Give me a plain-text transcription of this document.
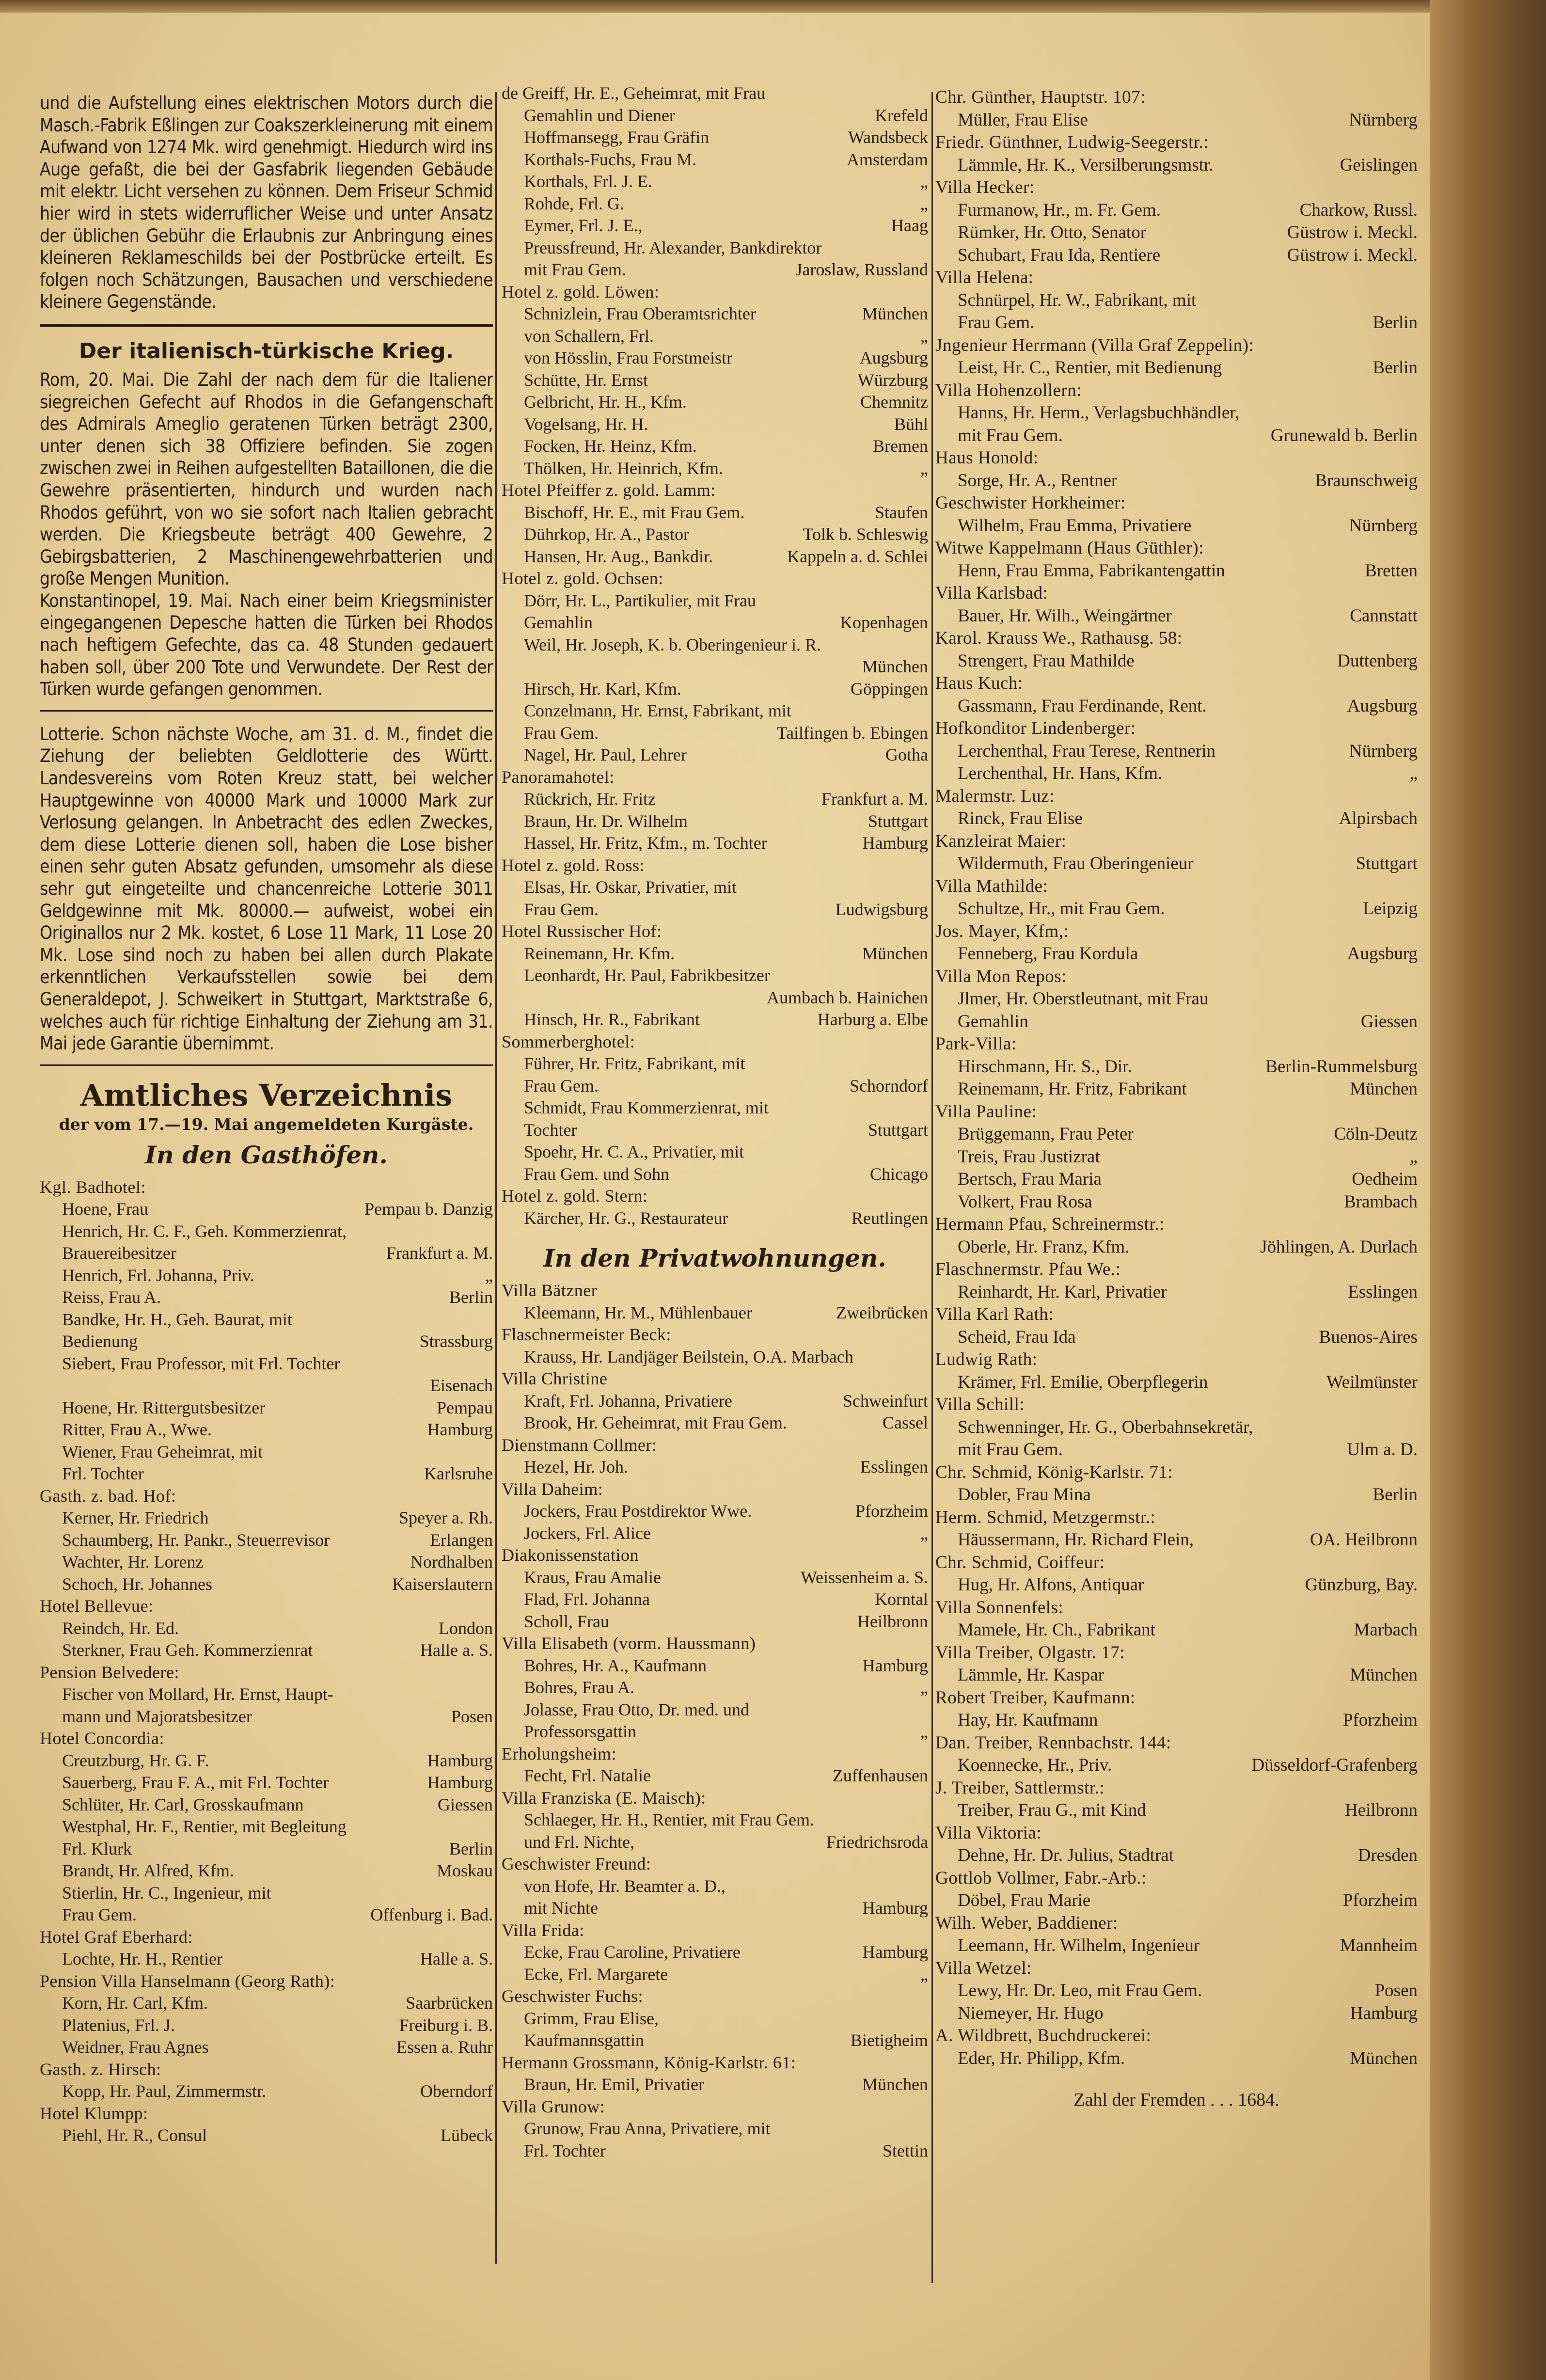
und die Aufstellung eines elektrischen Motors durch die Masch.-Fabrik Eßlingen zur Coakszerkleinerung mit einem Aufwand von 1274 Mk. wird genehmigt. Hiedurch wird ins Auge gefaßt, die bei der Gasfabrik liegenden Gebäude mit elektr. Licht versehen zu können. Dem Friseur Schmid hier wird in stets widerruflicher Weise und unter Ansatz der üblichen Gebühr die Erlaubnis zur Anbringung eines kleineren Reklameschilds bei der Postbrücke erteilt. Es folgen noch Schätzungen, Bausachen und verschiedene kleinere Gegenstände.

Der italienisch-türkische Krieg.

Rom, 20. Mai. Die Zahl der nach dem für die Italiener siegreichen Gefecht auf Rhodos in die Gefangenschaft des Admirals Ameglio geratenen Türken beträgt 2300, unter denen sich 38 Offiziere befinden. Sie zogen zwischen zwei in Reihen aufgestellten Bataillonen, die die Gewehre präsentierten, hindurch und wurden nach Rhodos geführt, von wo sie sofort nach Italien gebracht werden. Die Kriegsbeute beträgt 400 Gewehre, 2 Gebirgsbatterien, 2 Maschinengewehrbatterien und große Mengen Munition.

Konstantinopel, 19. Mai. Nach einer beim Kriegsminister eingegangenen Depesche hatten die Türken bei Rhodos nach heftigem Gefechte, das ca. 48 Stunden gedauert haben soll, über 200 Tote und Verwundete. Der Rest der Türken wurde gefangen genommen.

Lotterie. Schon nächste Woche, am 31. d. M., findet die Ziehung der beliebten Geldlotterie des Württ. Landesvereins vom Roten Kreuz statt, bei welcher Hauptgewinne von 40000 Mark und 10000 Mark zur Verlosung gelangen. In Anbetracht des edlen Zweckes, dem diese Lotterie dienen soll, haben die Lose bisher einen sehr guten Absatz gefunden, umsomehr als diese sehr gut eingeteilte und chancenreiche Lotterie 3011 Geldgewinne mit Mk. 80000.— aufweist, wobei ein Originallos nur 2 Mk. kostet, 6 Lose 11 Mark, 11 Lose 20 Mk. Lose sind noch zu haben bei allen durch Plakate erkenntlichen Verkaufsstellen sowie bei dem Generaldepot, J. Schweikert in Stuttgart, Marktstraße 6, welches auch für richtige Einhaltung der Ziehung am 31. Mai jede Garantie übernimmt.

Amtliches Verzeichnis
der vom 17.—19. Mai angemeldeten Kurgäste.
In den Gasthöfen.
Kgl. Badhotel:
Hoene, Frau	Pempau b. Danzig
Henrich, Hr. C. F., Geh. Kommerzienrat,
Brauereibesitzer	Frankfurt a. M.
Henrich, Frl. Johanna, Priv.	„
Reiss, Frau A.	Berlin
Bandke, Hr. H., Geh. Baurat, mit
Bedienung	Strassburg
Siebert, Frau Professor, mit Frl. Tochter
Eisenach
Hoene, Hr. Rittergutsbesitzer	Pempau
Ritter, Frau A., Wwe.	Hamburg
Wiener, Frau Geheimrat, mit
Frl. Tochter	Karlsruhe
Gasth. z. bad. Hof:
Kerner, Hr. Friedrich	Speyer a. Rh.
Schaumberg, Hr. Pankr., Steuerrevisor	Erlangen
Wachter, Hr. Lorenz	Nordhalben
Schoch, Hr. Johannes	Kaiserslautern
Hotel Bellevue:
Reindch, Hr. Ed.	London
Sterkner, Frau Geh. Kommerzienrat	Halle a. S.
Pension Belvedere:
Fischer von Mollard, Hr. Ernst, Haupt-
mann und Majoratsbesitzer	Posen
Hotel Concordia:
Creutzburg, Hr. G. F.	Hamburg
Sauerberg, Frau F. A., mit Frl. Tochter	Hamburg
Schlüter, Hr. Carl, Grosskaufmann	Giessen
Westphal, Hr. F., Rentier, mit Begleitung
Frl. Klurk	Berlin
Brandt, Hr. Alfred, Kfm.	Moskau
Stierlin, Hr. C., Ingenieur, mit
Frau Gem.	Offenburg i. Bad.
Hotel Graf Eberhard:
Lochte, Hr. H., Rentier	Halle a. S.
Pension Villa Hanselmann (Georg Rath):
Korn, Hr. Carl, Kfm.	Saarbrücken
Platenius, Frl. J.	Freiburg i. B.
Weidner, Frau Agnes	Essen a. Ruhr
Gasth. z. Hirsch:
Kopp, Hr. Paul, Zimmermstr.	Oberndorf
Hotel Klumpp:
Piehl, Hr. R., Consul	Lübeck
de Greiff, Hr. E., Geheimrat, mit Frau
Gemahlin und Diener	Krefeld
Hoffmansegg, Frau Gräfin	Wandsbeck
Korthals-Fuchs, Frau M.	Amsterdam
Korthals, Frl. J. E.	„
Rohde, Frl. G.	„
Eymer, Frl. J. E.,	Haag
Preussfreund, Hr. Alexander, Bankdirektor
mit Frau Gem.	Jaroslaw, Russland
Hotel z. gold. Löwen:
Schnizlein, Frau Oberamtsrichter	München
von Schallern, Frl.	„
von Hösslin, Frau Forstmeistr	Augsburg
Schütte, Hr. Ernst	Würzburg
Gelbricht, Hr. H., Kfm.	Chemnitz
Vogelsang, Hr. H.	Bühl
Focken, Hr. Heinz, Kfm.	Bremen
Thölken, Hr. Heinrich, Kfm.	„
Hotel Pfeiffer z. gold. Lamm:
Bischoff, Hr. E., mit Frau Gem.	Staufen
Dührkop, Hr. A., Pastor	Tolk b. Schleswig
Hansen, Hr. Aug., Bankdir.	Kappeln a. d. Schlei
Hotel z. gold. Ochsen:
Dörr, Hr. L., Partikulier, mit Frau
Gemahlin	Kopenhagen
Weil, Hr. Joseph, K. b. Oberingenieur i. R.
München
Hirsch, Hr. Karl, Kfm.	Göppingen
Conzelmann, Hr. Ernst, Fabrikant, mit
Frau Gem.	Tailfingen b. Ebingen
Nagel, Hr. Paul, Lehrer	Gotha
Panoramahotel:
Rückrich, Hr. Fritz	Frankfurt a. M.
Braun, Hr. Dr. Wilhelm	Stuttgart
Hassel, Hr. Fritz, Kfm., m. Tochter	Hamburg
Hotel z. gold. Ross:
Elsas, Hr. Oskar, Privatier, mit
Frau Gem.	Ludwigsburg
Hotel Russischer Hof:
Reinemann, Hr. Kfm.	München
Leonhardt, Hr. Paul, Fabrikbesitzer
Aumbach b. Hainichen
Hinsch, Hr. R., Fabrikant	Harburg a. Elbe
Sommerberghotel:
Führer, Hr. Fritz, Fabrikant, mit
Frau Gem.	Schorndorf
Schmidt, Frau Kommerzienrat, mit
Tochter	Stuttgart
Spoehr, Hr. C. A., Privatier, mit
Frau Gem. und Sohn	Chicago
Hotel z. gold. Stern:
Kärcher, Hr. G., Restaurateur	Reutlingen
In den Privatwohnungen.
Villa Bätzner
Kleemann, Hr. M., Mühlenbauer	Zweibrücken
Flaschnermeister Beck:
Krauss, Hr. Landjäger Beilstein, O.A. Marbach
Villa Christine
Kraft, Frl. Johanna, Privatiere	Schweinfurt
Brook, Hr. Geheimrat, mit Frau Gem.	Cassel
Dienstmann Collmer:
Hezel, Hr. Joh.	Esslingen
Villa Daheim:
Jockers, Frau Postdirektor Wwe.	Pforzheim
Jockers, Frl. Alice	„
Diakonissenstation
Kraus, Frau Amalie	Weissenheim a. S.
Flad, Frl. Johanna	Korntal
Scholl, Frau	Heilbronn
Villa Elisabeth (vorm. Haussmann)
Bohres, Hr. A., Kaufmann	Hamburg
Bohres, Frau A.	„
Jolasse, Frau Otto, Dr. med. und
Professorsgattin	„
Erholungsheim:
Fecht, Frl. Natalie	Zuffenhausen
Villa Franziska (E. Maisch):
Schlaeger, Hr. H., Rentier, mit Frau Gem.
und Frl. Nichte,	Friedrichsroda
Geschwister Freund:
von Hofe, Hr. Beamter a. D.,
mit Nichte	Hamburg
Villa Frida:
Ecke, Frau Caroline, Privatiere	Hamburg
Ecke, Frl. Margarete	„
Geschwister Fuchs:
Grimm, Frau Elise,
Kaufmannsgattin	Bietigheim
Hermann Grossmann, König-Karlstr. 61:
Braun, Hr. Emil, Privatier	München
Villa Grunow:
Grunow, Frau Anna, Privatiere, mit
Frl. Tochter	Stettin
Chr. Günther, Hauptstr. 107:
Müller, Frau Elise	Nürnberg
Friedr. Günthner, Ludwig-Seegerstr.:
Lämmle, Hr. K., Versilberungsmstr.	Geislingen
Villa Hecker:
Furmanow, Hr., m. Fr. Gem.	Charkow, Russl.
Rümker, Hr. Otto, Senator	Güstrow i. Meckl.
Schubart, Frau Ida, Rentiere	Güstrow i. Meckl.
Villa Helena:
Schnürpel, Hr. W., Fabrikant, mit
Frau Gem.	Berlin
Jngenieur Herrmann (Villa Graf Zeppelin):
Leist, Hr. C., Rentier, mit Bedienung	Berlin
Villa Hohenzollern:
Hanns, Hr. Herm., Verlagsbuchhändler,
mit Frau Gem.	Grunewald b. Berlin
Haus Honold:
Sorge, Hr. A., Rentner	Braunschweig
Geschwister Horkheimer:
Wilhelm, Frau Emma, Privatiere	Nürnberg
Witwe Kappelmann (Haus Güthler):
Henn, Frau Emma, Fabrikantengattin	Bretten
Villa Karlsbad:
Bauer, Hr. Wilh., Weingärtner	Cannstatt
Karol. Krauss We., Rathausg. 58:
Strengert, Frau Mathilde	Duttenberg
Haus Kuch:
Gassmann, Frau Ferdinande, Rent.	Augsburg
Hofkonditor Lindenberger:
Lerchenthal, Frau Terese, Rentnerin	Nürnberg
Lerchenthal, Hr. Hans, Kfm.	„
Malermstr. Luz:
Rinck, Frau Elise	Alpirsbach
Kanzleirat Maier:
Wildermuth, Frau Oberingenieur	Stuttgart
Villa Mathilde:
Schultze, Hr., mit Frau Gem.	Leipzig
Jos. Mayer, Kfm,:
Fenneberg, Frau Kordula	Augsburg
Villa Mon Repos:
Jlmer, Hr. Oberstleutnant, mit Frau
Gemahlin	Giessen
Park-Villa:
Hirschmann, Hr. S., Dir.	Berlin-Rummelsburg
Reinemann, Hr. Fritz, Fabrikant	München
Villa Pauline:
Brüggemann, Frau Peter	Cöln-Deutz
Treis, Frau Justizrat	„
Bertsch, Frau Maria	Oedheim
Volkert, Frau Rosa	Brambach
Hermann Pfau, Schreinermstr.:
Oberle, Hr. Franz, Kfm.	Jöhlingen, A. Durlach
Flaschnermstr. Pfau We.:
Reinhardt, Hr. Karl, Privatier	Esslingen
Villa Karl Rath:
Scheid, Frau Ida	Buenos-Aires
Ludwig Rath:
Krämer, Frl. Emilie, Oberpflegerin	Weilmünster
Villa Schill:
Schwenninger, Hr. G., Oberbahnsekretär,
mit Frau Gem.	Ulm a. D.
Chr. Schmid, König-Karlstr. 71:
Dobler, Frau Mina	Berlin
Herm. Schmid, Metzgermstr.:
Häussermann, Hr. Richard Flein,	OA. Heilbronn
Chr. Schmid, Coiffeur:
Hug, Hr. Alfons, Antiquar	Günzburg, Bay.
Villa Sonnenfels:
Mamele, Hr. Ch., Fabrikant	Marbach
Villa Treiber, Olgastr. 17:
Lämmle, Hr. Kaspar	München
Robert Treiber, Kaufmann:
Hay, Hr. Kaufmann	Pforzheim
Dan. Treiber, Rennbachstr. 144:
Koennecke, Hr., Priv.	Düsseldorf-Grafenberg
J. Treiber, Sattlermstr.:
Treiber, Frau G., mit Kind	Heilbronn
Villa Viktoria:
Dehne, Hr. Dr. Julius, Stadtrat	Dresden
Gottlob Vollmer, Fabr.-Arb.:
Döbel, Frau Marie	Pforzheim
Wilh. Weber, Baddiener:
Leemann, Hr. Wilhelm, Ingenieur	Mannheim
Villa Wetzel:
Lewy, Hr. Dr. Leo, mit Frau Gem.	Posen
Niemeyer, Hr. Hugo	Hamburg
A. Wildbrett, Buchdruckerei:
Eder, Hr. Philipp, Kfm.	München
Zahl der Fremden . . . 1684.
